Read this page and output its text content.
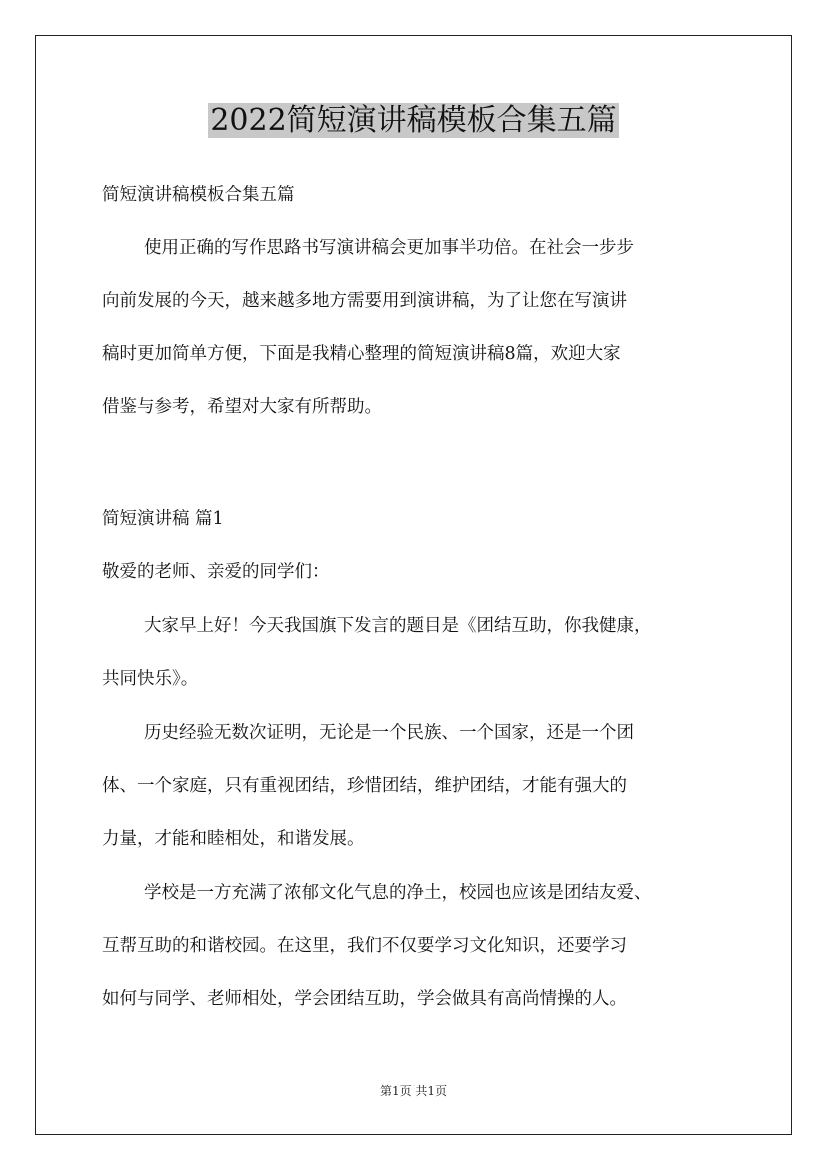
2022简短演讲稿模板合集五篇
简短演讲稿模板合集五篇
使用正确的写作思路书写演讲稿会更加事半功倍。在社会一步步
向前发展的今天，越来越多地方需要用到演讲稿，为了让您在写演讲
稿时更加简单方便，下面是我精心整理的简短演讲稿8篇，欢迎大家
借鉴与参考，希望对大家有所帮助。
简短演讲稿 篇1
敬爱的老师、亲爱的同学们：
大家早上好！今天我国旗下发言的题目是《团结互助，你我健康，
共同快乐》。
历史经验无数次证明，无论是一个民族、一个国家，还是一个团
体、一个家庭，只有重视团结，珍惜团结，维护团结，才能有强大的
力量，才能和睦相处，和谐发展。
学校是一方充满了浓郁文化气息的净土，校园也应该是团结友爱、
互帮互助的和谐校园。在这里，我们不仅要学习文化知识，还要学习
如何与同学、老师相处，学会团结互助，学会做具有高尚情操的人。
第1页 共1页
